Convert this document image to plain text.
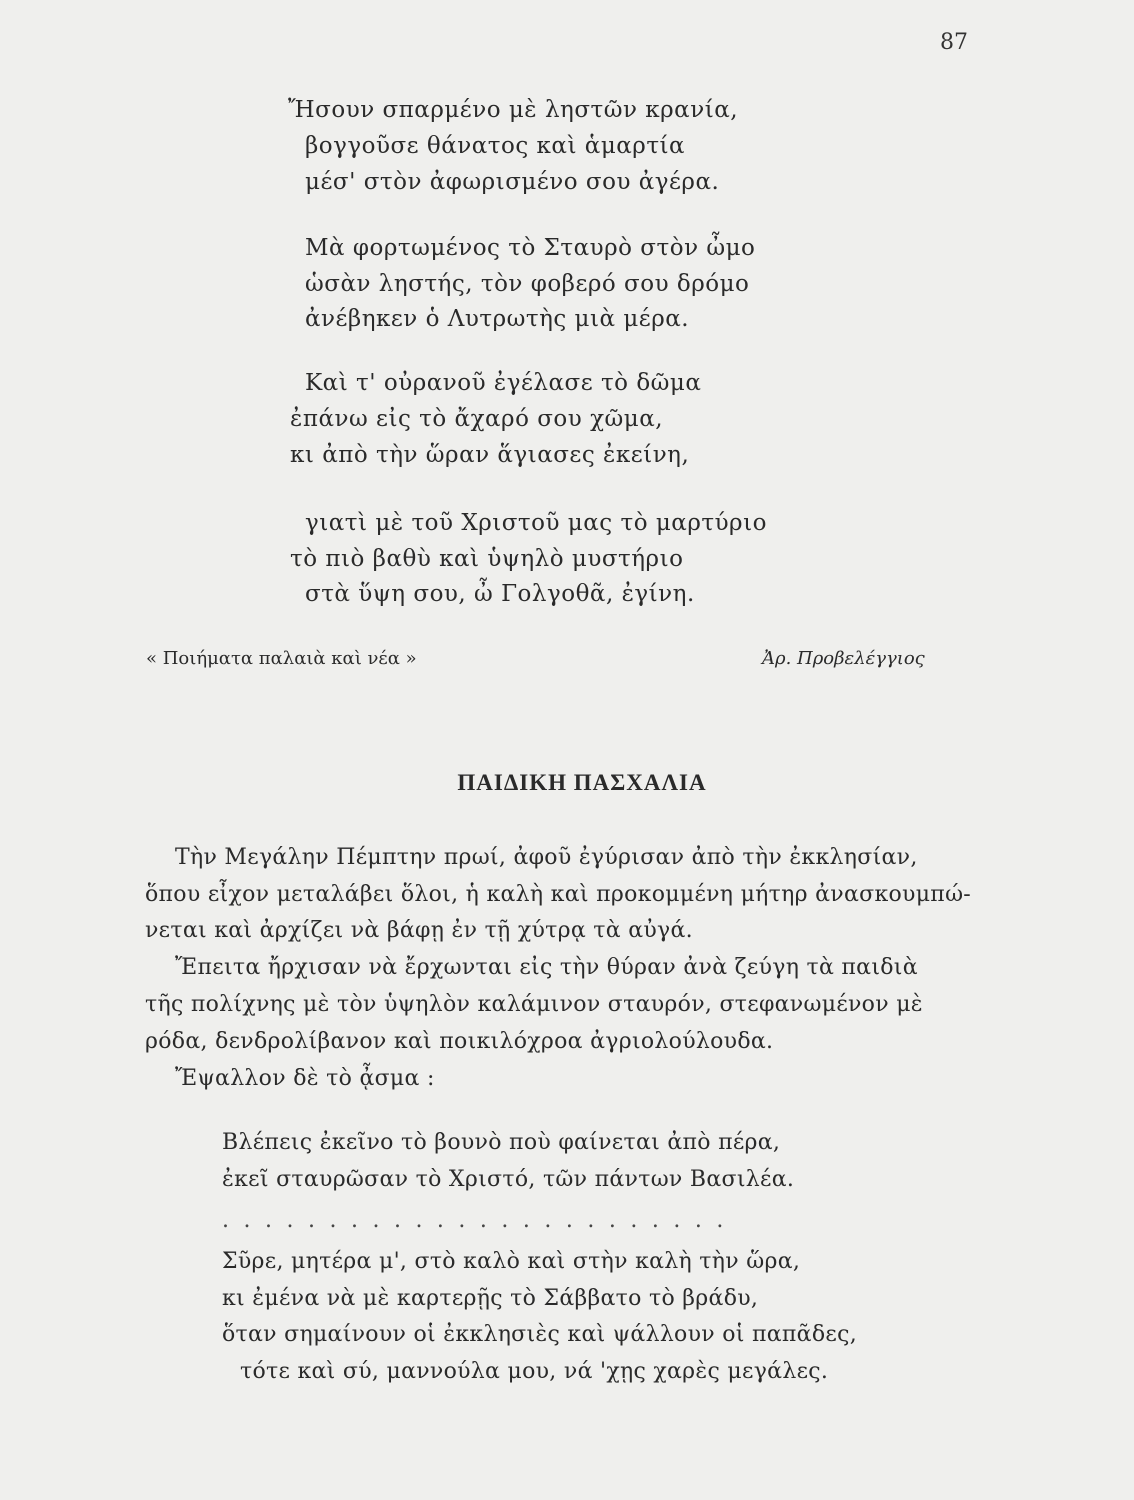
87
Ἤσουν σπαρμένο μὲ ληστῶν κρανία,
βογγοῦσε θάνατος καὶ ἁμαρτία
μέσ' στὸν ἀφωρισμένο σου ἀγέρα.
Μὰ φορτωμένος τὸ Σταυρὸ στὸν ὦμο
ὡσὰν ληστής, τὸν φοβερό σου δρόμο
ἀνέβηκεν ὁ Λυτρωτὴς μιὰ μέρα.
Καὶ τ' οὐρανοῦ ἐγέλασε τὸ δῶμα
ἐπάνω εἰς τὸ ἄχαρό σου χῶμα,
κι ἀπὸ τὴν ὥραν ἅγιασες ἐκείνη,
γιατὶ μὲ τοῦ Χριστοῦ μας τὸ μαρτύριο
τὸ πιὸ βαθὺ καὶ ὑψηλὸ μυστήριο
στὰ ὕψη σου, ὦ Γολγοθᾶ, ἐγίνη.
« Ποιήματα παλαιὰ καὶ νέα »	Ἀρ. Προβελέγγιος
ΠΑΙΔΙΚΗ ΠΑΣΧΑΛΙΑ
Τὴν Μεγάλην Πέμπτην πρωί, ἀφοῦ ἐγύρισαν ἀπὸ τὴν ἐκκλησίαν,
ὅπου εἶχον μεταλάβει ὅλοι, ἡ καλὴ καὶ προκομμένη μήτηρ ἀνασκουμπώ-
νεται καὶ ἀρχίζει νὰ βάφῃ ἐν τῇ χύτρᾳ τὰ αὐγά.
Ἔπειτα ἤρχισαν νὰ ἔρχωνται εἰς τὴν θύραν ἀνὰ ζεύγη τὰ παιδιὰ
τῆς πολίχνης μὲ τὸν ὑψηλὸν καλάμινον σταυρόν, στεφανωμένον μὲ
ρόδα, δενδρολίβανον καὶ ποικιλόχροα ἀγριολούλουδα.
Ἔψαλλον δὲ τὸ ᾆσμα :
Βλέπεις ἐκεῖνο τὸ βουνὸ ποὺ φαίνεται ἀπὸ πέρα,
ἐκεῖ σταυρῶσαν τὸ Χριστό, τῶν πάντων Βασιλέα.
........................
Σῦρε, μητέρα μ', στὸ καλὸ καὶ στὴν καλὴ τὴν ὥρα,
κι ἐμένα νὰ μὲ καρτερῇς τὸ Σάββατο τὸ βράδυ,
ὅταν σημαίνουν οἱ ἐκκλησιὲς καὶ ψάλλουν οἱ παπᾶδες,
τότε καὶ σύ, μαννούλα μου, νά 'χῃς χαρὲς μεγάλες.
